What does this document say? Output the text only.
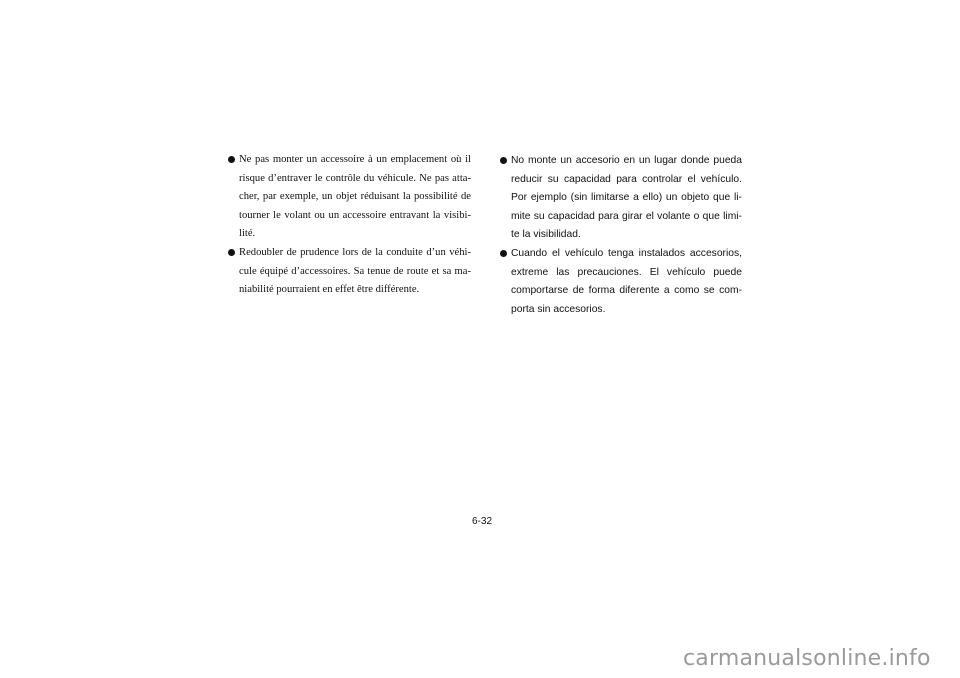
Ne pas monter un accessoire à un emplacement où il
risque d’entraver le contrôle du véhicule. Ne pas atta-
cher, par exemple, un objet réduisant la possibilité de
tourner le volant ou un accessoire entravant la visibi-
lité.
Redoubler de prudence lors de la conduite d’un véhi-
cule équipé d’accessoires. Sa tenue de route et sa ma-
niabilité pourraient en effet être différente.
No monte un accesorio en un lugar donde pueda
reducir su capacidad para controlar el vehículo.
Por ejemplo (sin limitarse a ello) un objeto que li-
mite su capacidad para girar el volante o que limi-
te la visibilidad.
Cuando el vehículo tenga instalados accesorios,
extreme las precauciones. El vehículo puede
comportarse de forma diferente a como se com-
porta sin accesorios.
6-32
carmanualsonline.info
